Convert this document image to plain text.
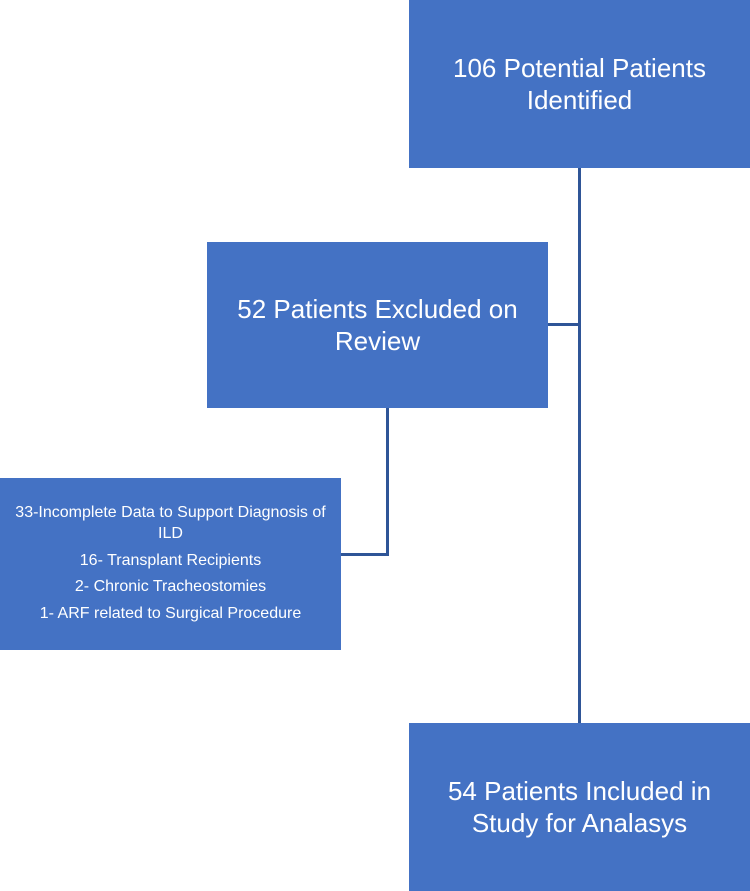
106 Potential Patients Identified
52 Patients Excluded on Review
33-Incomplete Data to Support Diagnosis of ILD
16- Transplant Recipients
2- Chronic Tracheostomies
1- ARF related to Surgical Procedure
54 Patients Included in Study for Analasys
